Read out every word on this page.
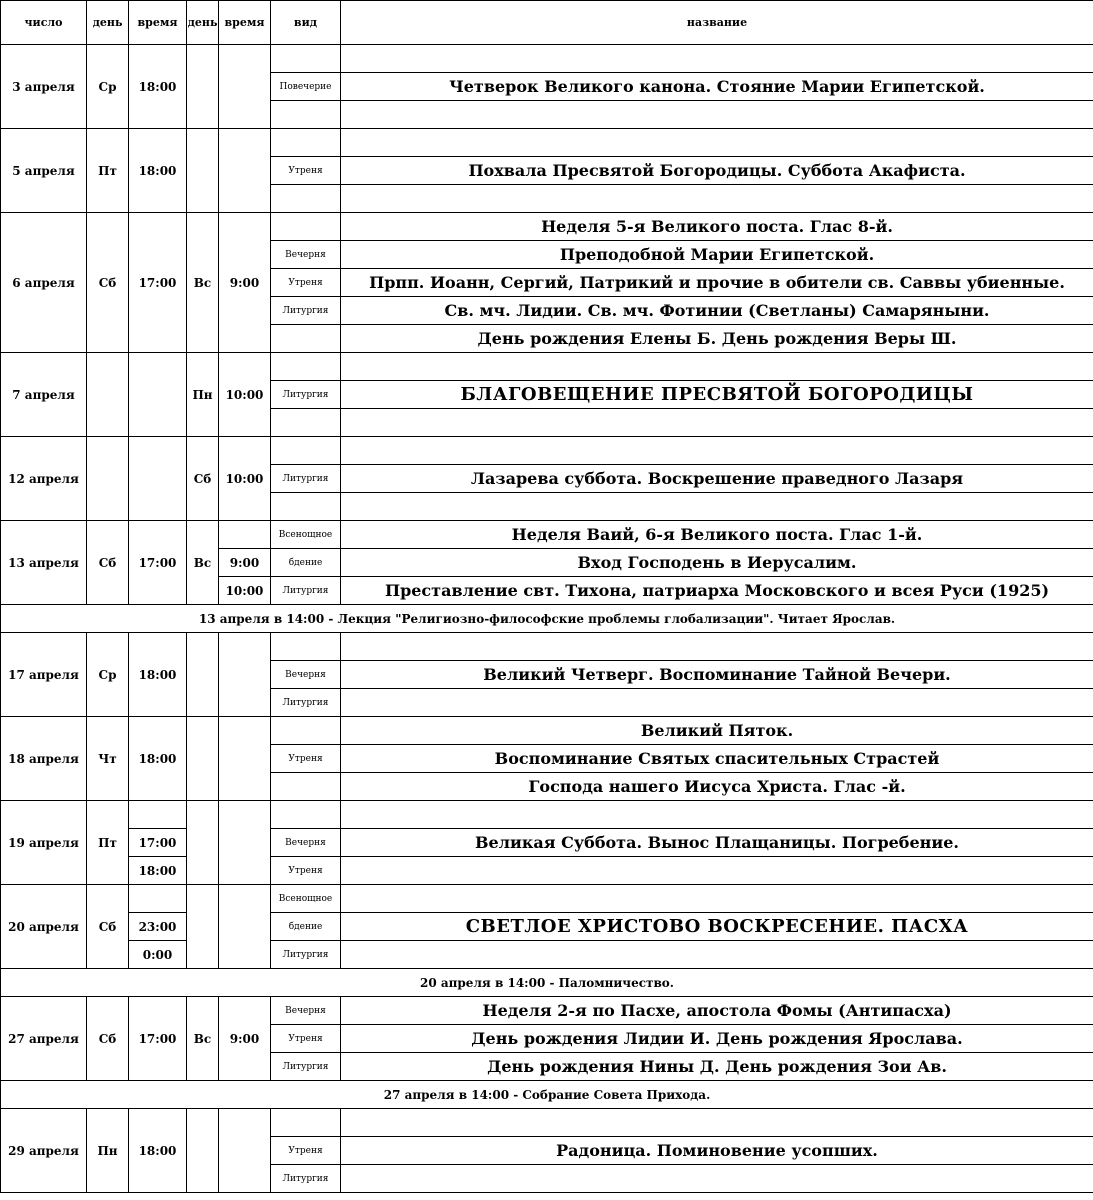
число	день	время	день	время	вид	название
3 апреля	Ср	18:00				
					Повечерие	Четверок Великого канона. Стояние Марии Египетской.

5 апреля	Пт	18:00				
					Утреня	Похвала Пресвятой Богородицы. Суббота Акафиста.

6 апреля	Сб	17:00	Вс	9:00		Неделя 5-я Великого поста. Глас 8-й.
					Вечерня	Преподобной Марии Египетской.
					Утреня	Прпп. Иоанн, Сергий, Патрикий и прочие в обители св. Саввы убиенные.
					Литургия	Св. мч. Лидии. Св. мч. Фотинии (Светланы) Самаряныни.
						День рождения Елены Б. День рождения Веры Ш.
7 апреля			Пн	10:00		
					Литургия	БЛАГОВЕЩЕНИЕ ПРЕСВЯТОЙ БОГОРОДИЦЫ

12 апреля			Сб	10:00		
					Литургия	Лазарева суббота. Воскрешение праведного Лазаря

13 апреля	Сб	17:00	Вс		Всенощное	Неделя Ваий, 6-я Великого поста. Глас 1-й.
				9:00	бдение	Вход Господень в Иерусалим.
				10:00	Литургия	Преставление свт. Тихона, патриарха Московского и всея Руси (1925)
13 апреля в 14:00 - Лекция "Религиозно-философские проблемы глобализации". Читает Ярослав.						
17 апреля	Ср	18:00				
					Вечерня	Великий Четверг. Воспоминание Тайной Вечери.
					Литургия	
18 апреля	Чт	18:00				Великий Пяток.
					Утреня	Воспоминание Святых спасительных Страстей
						Господа нашего Иисуса Христа. Глас -й.
19 апреля	Пт					
		17:00			Вечерня	Великая Суббота. Вынос Плащаницы. Погребение.
		18:00			Утреня	
20 апреля	Сб				Всенощное	
		23:00			бдение	СВЕТЛОЕ ХРИСТОВО ВОСКРЕСЕНИЕ. ПАСХА
		0:00			Литургия	
20 апреля в 14:00 - Паломничество.						
27 апреля	Сб	17:00	Вс	9:00	Вечерня	Неделя 2-я по Пасхе, апостола Фомы (Антипасха)
					Утреня	День рождения Лидии И. День рождения Ярослава.
					Литургия	День рождения Нины Д. День рождения Зои Ав.
27 апреля в 14:00 - Собрание Совета Прихода.						
29 апреля	Пн	18:00				
					Утреня	Радоница. Поминовение усопших.
					Литургия	
